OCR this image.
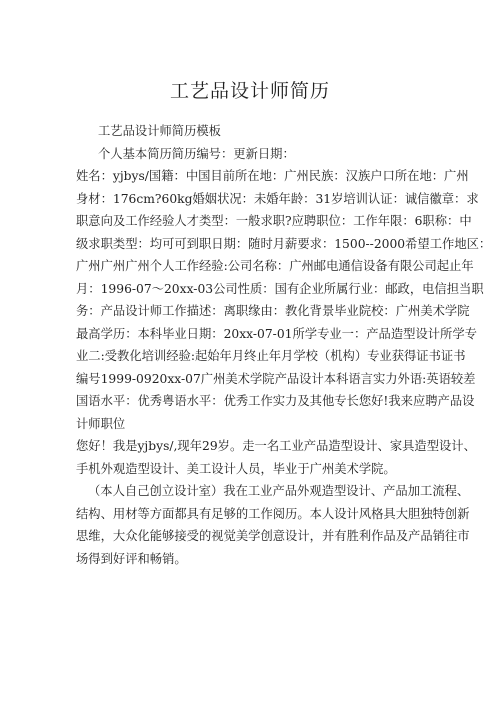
工艺品设计师简历
工艺品设计师简历模板
个人基本简历简历编号：更新日期：
姓名：yjbys/国籍：中国目前所在地：广州民族：汉族户口所在地：广州
身材：176cm?60kg婚姻状况：未婚年龄：31岁培训认证：诚信徽章：求
职意向及工作经验人才类型：一般求职?应聘职位：工作年限：6职称：中
级求职类型：均可可到职日期：随时月薪要求：1500--2000希望工作地区：
广州广州广州个人工作经验:公司名称：广州邮电通信设备有限公司起止年
月：1996-07～20xx-03公司性质：国有企业所属行业：邮政，电信担当职
务：产品设计师工作描述：离职缘由：教化背景毕业院校：广州美术学院
最高学历：本科毕业日期：20xx-07-01所学专业一：产品造型设计所学专
业二:受教化培训经验:起始年月终止年月学校（机构）专业获得证书证书
编号1999-0920xx-07广州美术学院产品设计本科语言实力外语:英语较差
国语水平：优秀粤语水平：优秀工作实力及其他专长您好!我来应聘产品设
计师职位
您好！我是yjbys/,现年29岁。走一名工业产品造型设计、家具造型设计、
手机外观造型设计、美工设计人员，毕业于广州美术学院。
（本人自己创立设计室）我在工业产品外观造型设计、产品加工流程、
结构、用材等方面都具有足够的工作阅历。本人设计风格具大胆独特创新
思维，大众化能够接受的视觉美学创意设计，并有胜利作品及产品销往市
场得到好评和畅销。
